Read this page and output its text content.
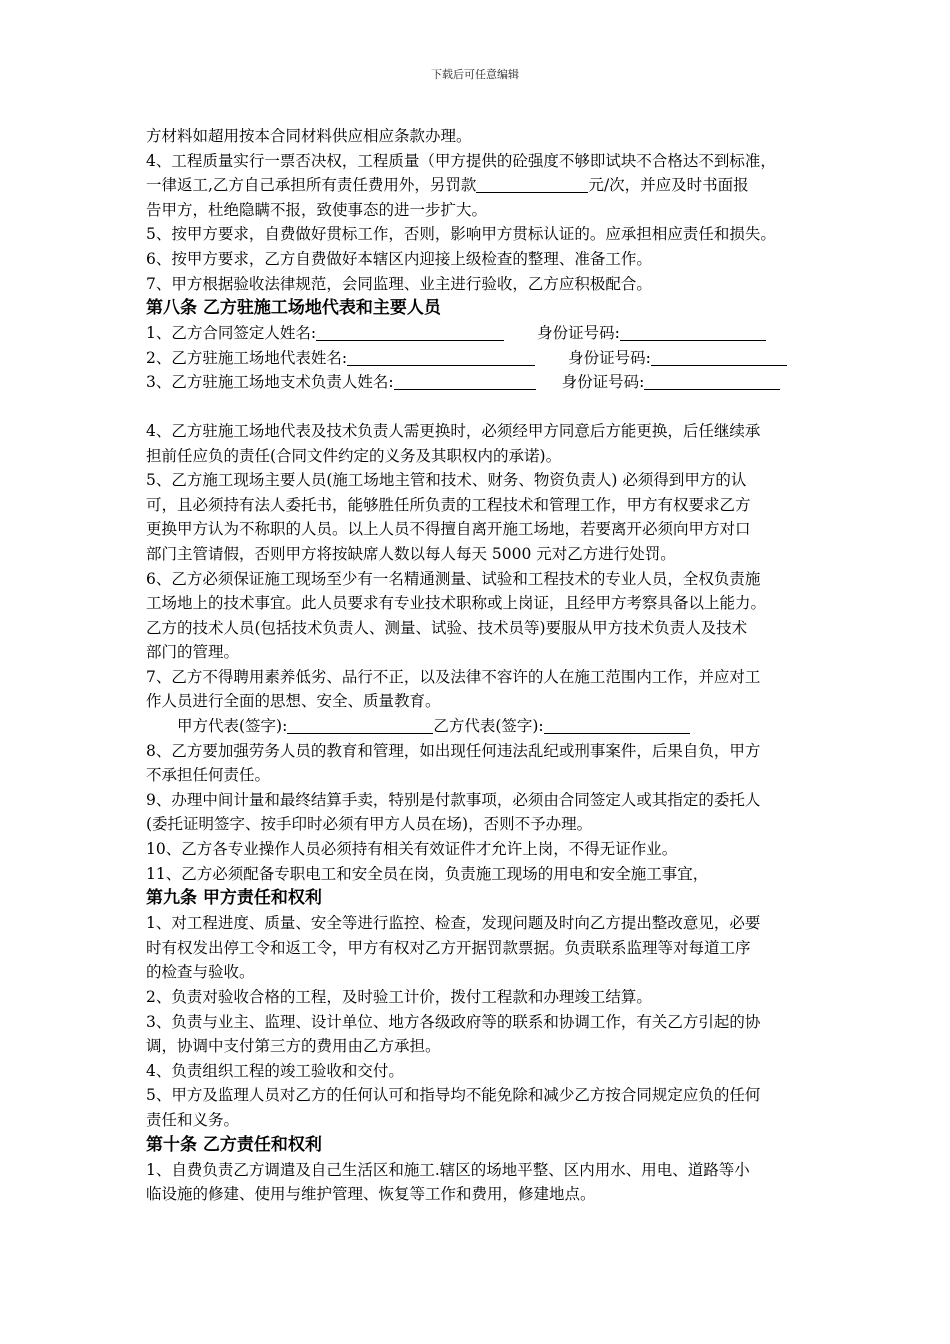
下载后可任意编辑
方材料如超用按本合同材料供应相应条款办理。
4、工程质量实行一票否决权，工程质量（甲方提供的砼强度不够即试块不合格达不到标准，
一律返工,乙方自己承担所有责任费用外，另罚款	元/次，并应及时书面报
告甲方，杜绝隐瞒不报，致使事态的进一步扩大。
5、按甲方要求，自费做好贯标工作，否则，影响甲方贯标认证的。应承担相应责任和损失。
6、按甲方要求，乙方自费做好本辖区内迎接上级检查的整理、准备工作。
7、甲方根据验收法律规范，会同监理、业主进行验收，乙方应积极配合。
第八条 乙方驻施工场地代表和主要人员
1、乙方合同签定人姓名:	身份证号码:
2、乙方驻施工场地代表姓名:	身份证号码:
3、乙方驻施工场地支术负责人姓名:	身份证号码:
4、乙方驻施工场地代表及技术负责人需更换时，必须经甲方同意后方能更换，后任继续承
担前任应负的责任(合同文件约定的义务及其职权内的承诺)。
5、乙方施工现场主要人员(施工场地主管和技术、财务、物资负责人) 必须得到甲方的认
可，且必须持有法人委托书，能够胜任所负责的工程技术和管理工作，甲方有权要求乙方
更换甲方认为不称职的人员。以上人员不得擅自离开施工场地，若要离开必须向甲方对口
部门主管请假，否则甲方将按缺席人数以每人每天 5000 元对乙方进行处罚。
6、乙方必须保证施工现场至少有一名精通测量、试验和工程技术的专业人员，全权负责施
工场地上的技术事宜。此人员要求有专业技术职称或上岗证，且经甲方考察具备以上能力。
乙方的技术人员(包括技术负责人、测量、试验、技术员等)要服从甲方技术负责人及技术
部门的管理。
7、乙方不得聘用素养低劣、品行不正，以及法律不容许的人在施工范围内工作，并应对工
作人员进行全面的思想、安全、质量教育。
甲方代表(签字):	乙方代表(签字):
8、乙方要加强劳务人员的教育和管理，如出现任何违法乱纪或刑事案件，后果自负，甲方
不承担任何责任。
9、办理中间计量和最终结算手卖，特别是付款事项，必须由合同签定人或其指定的委托人
(委托证明签字、按手印时必须有甲方人员在场)，否则不予办理。
10、乙方各专业操作人员必须持有相关有效证件才允许上岗，不得无证作业。
11、乙方必须配备专职电工和安全员在岗，负责施工现场的用电和安全施工事宜，
第九条 甲方责任和权利
1、对工程进度、质量、安全等进行监控、检查，发现问题及时向乙方提出整改意见，必要
时有权发出停工令和返工令，甲方有权对乙方开据罚款票据。负责联系监理等对每道工序
的检查与验收。
2、负责对验收合格的工程，及时验工计价，拨付工程款和办理竣工结算。
3、负责与业主、监理、设计单位、地方各级政府等的联系和协调工作，有关乙方引起的协
调，协调中支付第三方的费用由乙方承担。
4、负责组织工程的竣工验收和交付。
5、甲方及监理人员对乙方的任何认可和指导均不能免除和减少乙方按合同规定应负的任何
责任和义务。
第十条 乙方责任和权利
1、自费负责乙方调遣及自己生活区和施工.辖区的场地平整、区内用水、用电、道路等小
临设施的修建、使用与维护管理、恢复等工作和费用，修建地点。
